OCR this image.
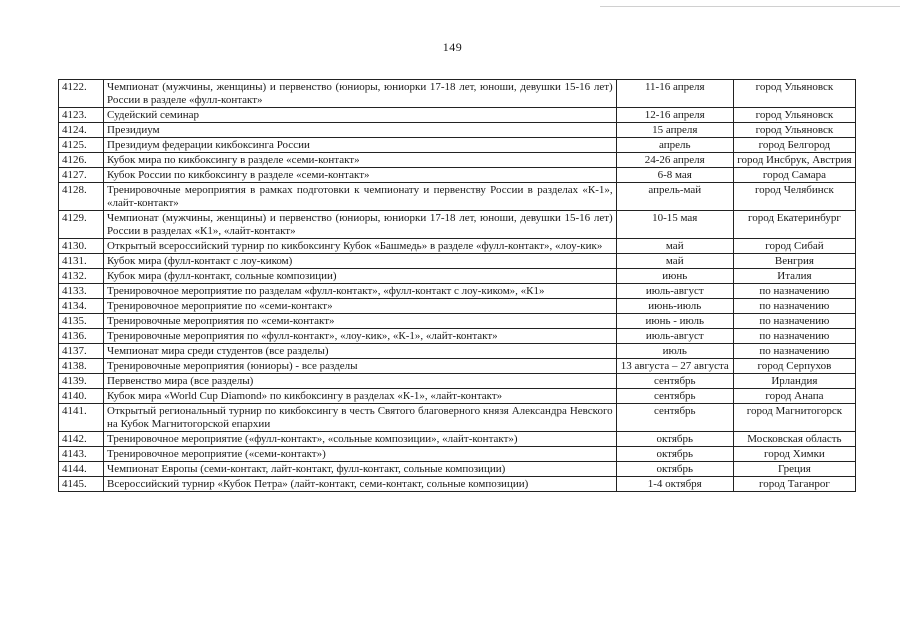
149
4122.	Чемпионат (мужчины, женщины) и первенство (юниоры, юниорки 17-18 лет, юноши, девушки 15-16 лет) России в разделе «фулл-контакт»	11-16 апреля	город Ульяновск
4123.	Судейский семинар	12-16 апреля	город Ульяновск
4124.	Президиум	15 апреля	город Ульяновск
4125.	Президиум федерации кикбоксинга России	апрель	город Белгород
4126.	Кубок мира по кикбоксингу в разделе «семи-контакт»	24-26 апреля	город Инсбрук, Австрия
4127.	Кубок России по кикбоксингу в разделе «семи-контакт»	6-8 мая	город Самара
4128.	Тренировочные мероприятия в рамках подготовки к чемпионату и первенству России в разделах «К-1», «лайт-контакт»	апрель-май	город Челябинск
4129.	Чемпионат (мужчины, женщины) и первенство (юниоры, юниорки 17-18 лет, юноши, девушки 15-16 лет) России в разделах «К1», «лайт-контакт»	10-15 мая	город Екатеринбург
4130.	Открытый всероссийский турнир по кикбоксингу Кубок «Башмедь» в разделе «фулл-контакт», «лоу-кик»	май	город Сибай
4131.	Кубок мира (фулл-контакт с лоу-киком)	май	Венгрия
4132.	Кубок мира (фулл-контакт, сольные композиции)	июнь	Италия
4133.	Тренировочное мероприятие по разделам «фулл-контакт», «фулл-контакт с лоу-киком», «К1»	июль-август	по назначению
4134.	Тренировочное мероприятие по «семи-контакт»	июнь-июль	по назначению
4135.	Тренировочные мероприятия по «семи-контакт»	июнь - июль	по назначению
4136.	Тренировочные мероприятия по «фулл-контакт», «лоу-кик», «К-1», «лайт-контакт»	июль-август	по назначению
4137.	Чемпионат мира среди студентов (все разделы)	июль	по назначению
4138.	Тренировочные мероприятия (юниоры) - все разделы	13 августа – 27 августа	город Серпухов
4139.	Первенство мира (все разделы)	сентябрь	Ирландия
4140.	Кубок мира «World Cup Diamond» по кикбоксингу в разделах «К-1», «лайт-контакт»	сентябрь	город Анапа
4141.	Открытый региональный турнир по кикбоксингу в честь Святого благоверного князя Александра Невского на Кубок Магнитогорской епархии	сентябрь	город Магнитогорск
4142.	Тренировочное мероприятие («фулл-контакт», «сольные композиции», «лайт-контакт»)	октябрь	Московская область
4143.	Тренировочное мероприятие («семи-контакт»)	октябрь	город Химки
4144.	Чемпионат Европы (семи-контакт, лайт-контакт, фулл-контакт, сольные композиции)	октябрь	Греция
4145.	Всероссийский турнир «Кубок Петра» (лайт-контакт, семи-контакт, сольные композиции)	1-4 октября	город Таганрог
